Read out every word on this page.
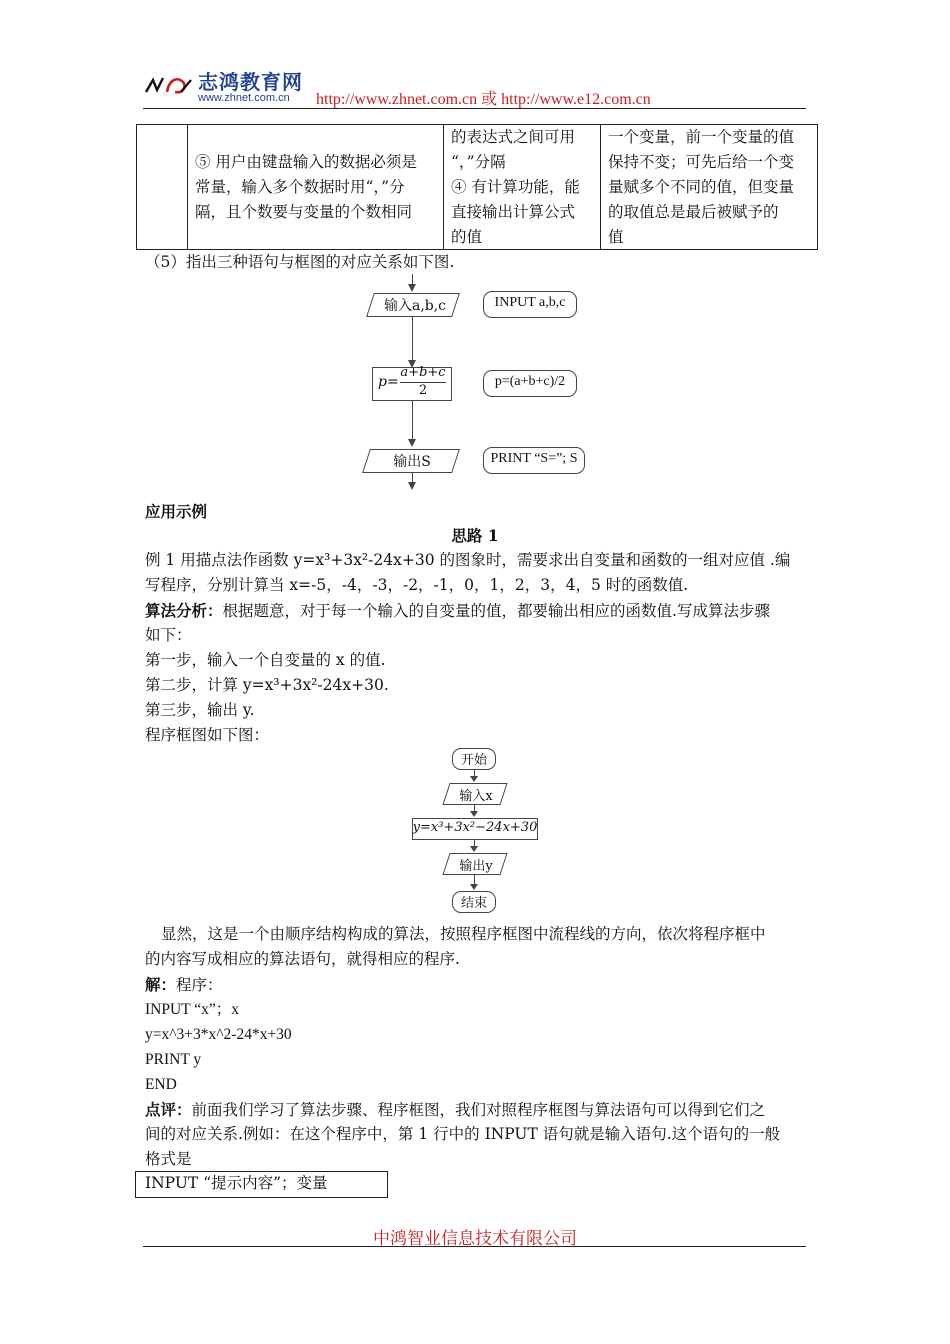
志鸿教育网
www.zhnet.com.cn http://www.zhnet.com.cn 或 http://www.e12.com.cn
⑤ 用户由键盘输入的数据必须是
常量，输入多个数据时用“，”分
隔，且个数要与变量的个数相同
的表达式之间可用
“，”分隔
④ 有计算功能，能
直接输出计算公式
的值
一个变量，前一个变量的值
保持不变；可先后给一个变
量赋多个不同的值，但变量
的取值总是最后被赋予的
值
（5）指出三种语句与框图的对应关系如下图.
输入a,b,c	INPUT a,b,c
p=
a+b+c
2
p=(a+b+c)/2
输出S	PRINT “S=”; S
应用示例
思路 1
例 1 用描点法作函数 y=x³+3x²-24x+30 的图象时，需要求出自变量和函数的一组对应值 .编
写程序，分别计算当 x=-5，-4，-3，-2，-1，0，1，2，3，4，5 时的函数值.
算法分析：根据题意，对于每一个输入的自变量的值，都要输出相应的函数值.写成算法步骤
如下：
第一步，输入一个自变量的 x 的值.
第二步，计算 y=x³+3x²-24x+30.
第三步，输出 y.
程序框图如下图：
开始
输入x
y=x³+3x²−24x+30
输出y
结束
显然，这是一个由顺序结构构成的算法，按照程序框图中流程线的方向，依次将程序框中
的内容写成相应的算法语句，就得相应的程序.
解：程序：
INPUT “x”；x
y=x^3+3*x^2-24*x+30
PRINT y
END
点评：前面我们学习了算法步骤、程序框图，我们对照程序框图与算法语句可以得到它们之
间的对应关系.例如：在这个程序中，第 1 行中的 INPUT 语句就是输入语句.这个语句的一般
格式是
INPUT “提示内容”；变量
中鸿智业信息技术有限公司
